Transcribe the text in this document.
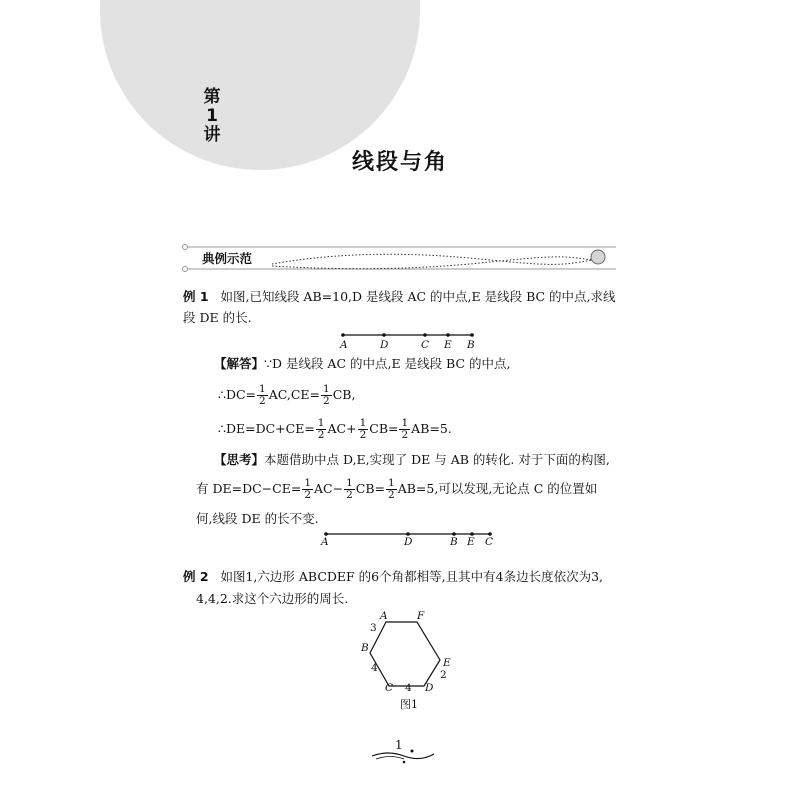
第
1
讲
线段与角
典例示范
例 1 如图,已知线段 AB=10,D 是线段 AC 的中点,E 是线段 BC 的中点,求线
段 DE 的长.
A	D	C E B
【解答】∵D 是线段 AC 的中点,E 是线段 BC 的中点,
∴DC= $\frac{1}{2} AC,CE= \frac{1}{2}$ CB,
∴DE=DC+CE= $\frac{1}{2} AC+ \frac{1}{2} CB= \frac{1}{2} AB=5$.
【思考】本题借助中点 D,E,实现了 DE 与 AB 的转化. 对于下面的构图,
有 $DE=DC-CE= \frac{1}{2} AC- \frac{1}{2} CB= \frac{1}{2} AB=5$,可以发现,无论点 C 的位置如
何,线段 DE 的长不变.
A	D	B E C
例 2 如图1,六边形 ABCDEF 的6个角都相等,且其中有4条边长度依次为3,
4,4,2.求这个六边形的周长.
A	F
B
E
C	D
3
4
4
2
图1
1
